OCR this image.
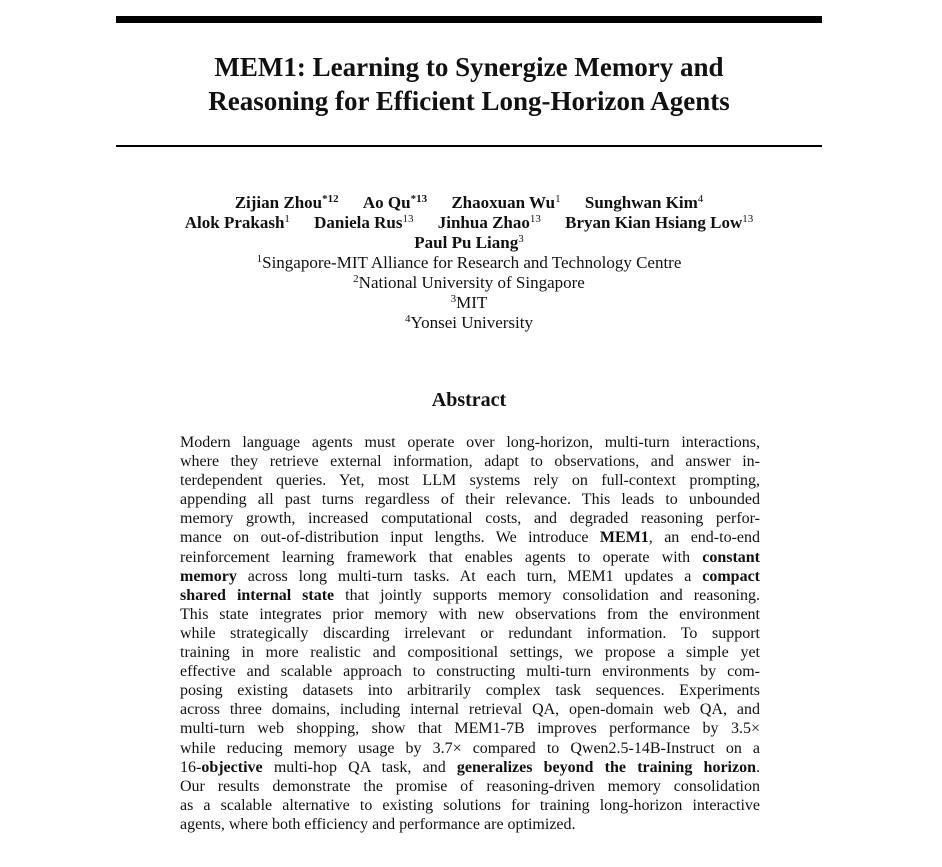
MEM1: Learning to Synergize Memory and
Reasoning for Efficient Long-Horizon Agents
Zijian Zhou$^{*12}$ Ao Qu$^{*13}$ Zhaoxuan Wu$^1$ Sunghwan Kim$^4$
Alok Prakash$^1$ Daniela Rus$^{13}$ Jinhua Zhao$^{13}$ Bryan Kian Hsiang Low$^{13}$
Paul Pu Liang$^3$
$^1$Singapore-MIT Alliance for Research and Technology Centre
$^2$National University of Singapore
$^3$MIT
$^4$Yonsei University
Abstract

Modern language agents must operate over long-horizon, multi-turn interactions,
where they retrieve external information, adapt to observations, and answer in-
terdependent queries. Yet, most LLM systems rely on full-context prompting,
appending all past turns regardless of their relevance. This leads to unbounded
memory growth, increased computational costs, and degraded reasoning perfor-
mance on out-of-distribution input lengths. We introduce MEM1, an end-to-end
reinforcement learning framework that enables agents to operate with constant
memory across long multi-turn tasks. At each turn, MEM1 updates a compact
shared internal state that jointly supports memory consolidation and reasoning.
This state integrates prior memory with new observations from the environment
while strategically discarding irrelevant or redundant information. To support
training in more realistic and compositional settings, we propose a simple yet
effective and scalable approach to constructing multi-turn environments by com-
posing existing datasets into arbitrarily complex task sequences. Experiments
across three domains, including internal retrieval QA, open-domain web QA, and
multi-turn web shopping, show that MEM1-7B improves performance by 3.5×
while reducing memory usage by 3.7× compared to Qwen2.5-14B-Instruct on a
16-objective multi-hop QA task, and generalizes beyond the training horizon.
Our results demonstrate the promise of reasoning-driven memory consolidation
as a scalable alternative to existing solutions for training long-horizon interactive
agents, where both efficiency and performance are optimized.
